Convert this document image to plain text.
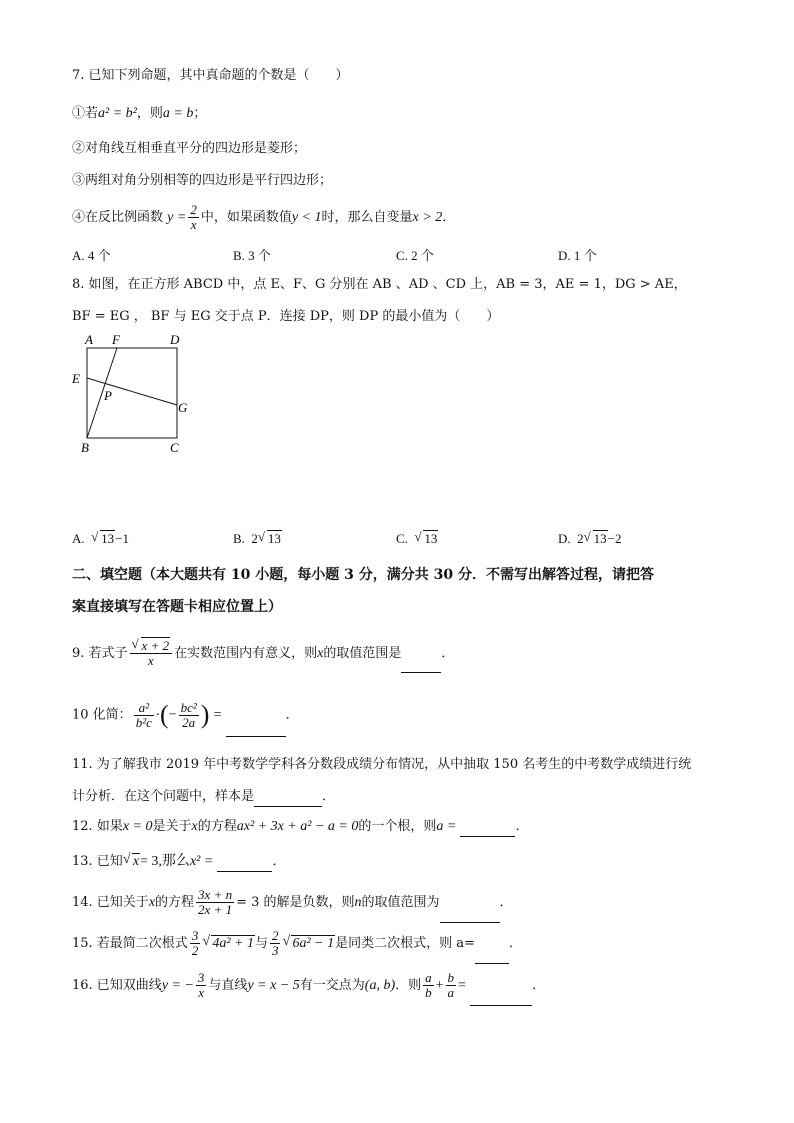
7. 已知下列命题，其中真命题的个数是（　　）
①若a² = b²，则a = b；
②对角线互相垂直平分的四边形是菱形；
③两组对角分别相等的四边形是平行四边形；
④在反比例函数 $y = \frac{2}{x}$ 中，如果函数值y < 1时，那么自变量x > 2．
A. 4 个	B. 3 个	C. 2 个	D. 1 个
8. 如图，在正方形 ABCD 中，点 E、F、G 分别在 AB 、AD 、CD 上，AB = 3，AE = 1，DG > AE，
BF = EG ， BF 与 EG 交于点 P．连接 DP，则 DP 的最小值为（　　）
A F	D
E
P
G
B	C
A. √ 13−1	B. 2 √ 13	C. √ 13	D. 2 √ 13−2
二、填空题（本大题共有 10 小题，每小题 3 分，满分共 30 分．不需写出解答过程，请把答
案直接填写在答题卡相应位置上）
9. 若式子 √ $\frac{x + 2}{x}$ 在实数范围内有意义，则x的取值范围是	．
10 化简： $\frac{\text{a²}}{\text{b²c}}$ ·(− $\frac{\text{bc²}}{2a}$ ) =	．
11. 为了解我市 2019 年中考数学学科各分数段成绩分布情况，从中抽取 150 名考生的中考数学成绩进行统
计分析．在这个问题中，样本是	．
12. 如果x = 0是关于x的方程ax² + 3x + a² − a = 0的一个根，则a =	．
13. 已知 √ x= 3,那么x² =	．
14. 已知关于x的方程 $\frac{3x + n}{2x + 1} = 3$ 的解是负数，则n的取值范围为	．
15. 若最简二次根式 $\frac{3}{2}$ √ 4a² + 1与 $\frac{2}{3}$ √ 6a² − 1是同类二次根式，则 a=	．
16. 已知双曲线y = − $\frac{3}{x}$ 与直线y = x − 5有一交点为(a, b)．则 $\frac{a}{b} + \frac{b}{a}$ =	．
